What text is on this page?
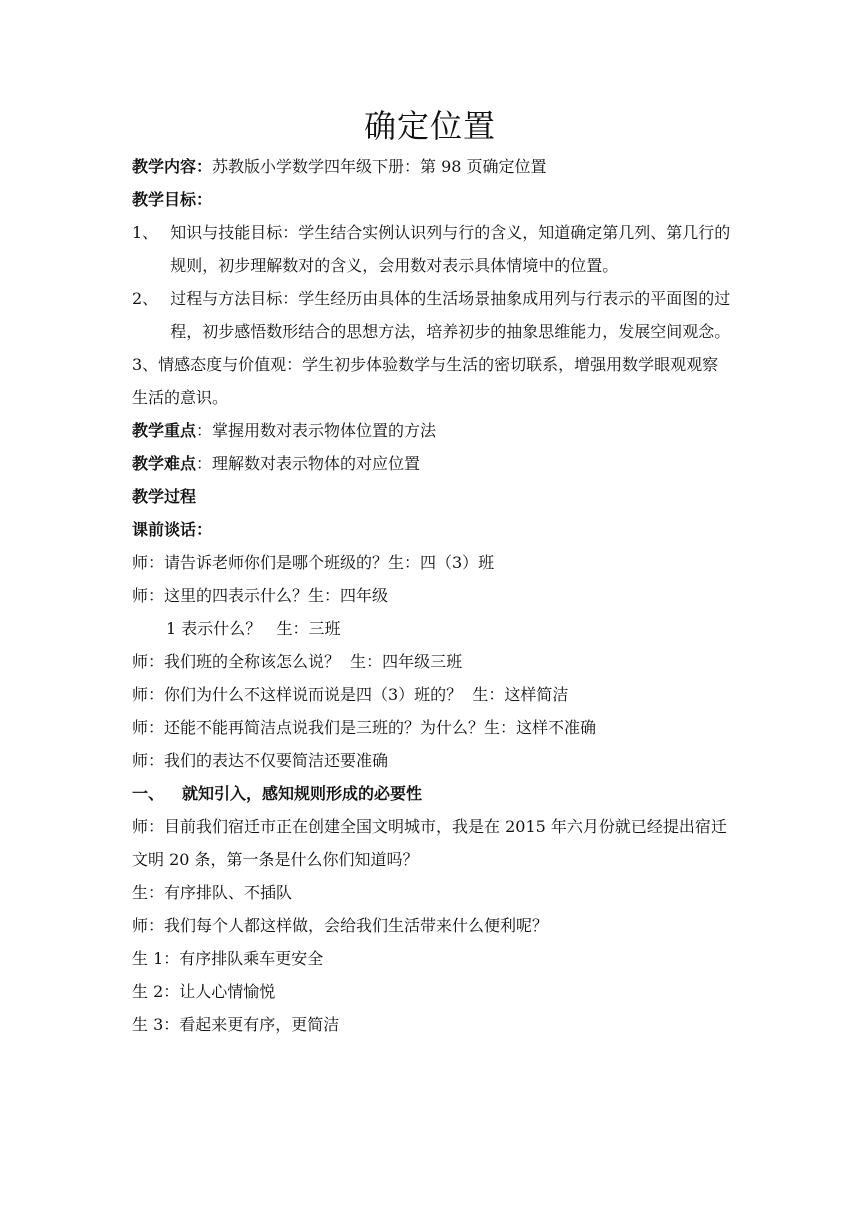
确定位置

教学内容：苏教版小学数学四年级下册：第 98 页确定位置

教学目标：

1、 知识与技能目标：学生结合实例认识列与行的含义，知道确定第几列、第几行的规则，初步理解数对的含义，会用数对表示具体情境中的位置。
2、 过程与方法目标：学生经历由具体的生活场景抽象成用列与行表示的平面图的过程，初步感悟数形结合的思想方法，培养初步的抽象思维能力，发展空间观念。

3、情感态度与价值观：学生初步体验数学与生活的密切联系，增强用数学眼观观察生活的意识。

教学重点：掌握用数对表示物体位置的方法

教学难点：理解数对表示物体的对应位置

教学过程

课前谈话：

师：请告诉老师你们是哪个班级的？生：四（3）班

师：这里的四表示什么？生：四年级

1 表示什么？   生：三班

师：我们班的全称该怎么说？  生：四年级三班

师：你们为什么不这样说而说是四（3）班的？  生：这样简洁

师：还能不能再简洁点说我们是三班的？为什么？生：这样不准确

师：我们的表达不仅要简洁还要准确

一、	就知引入，感知规则形成的必要性

师：目前我们宿迁市正在创建全国文明城市，我是在 2015 年六月份就已经提出宿迁文明 20 条，第一条是什么你们知道吗？

生：有序排队、不插队

师：我们每个人都这样做，会给我们生活带来什么便利呢？

生 1：有序排队乘车更安全

生 2：让人心情愉悦

生 3：看起来更有序，更简洁
